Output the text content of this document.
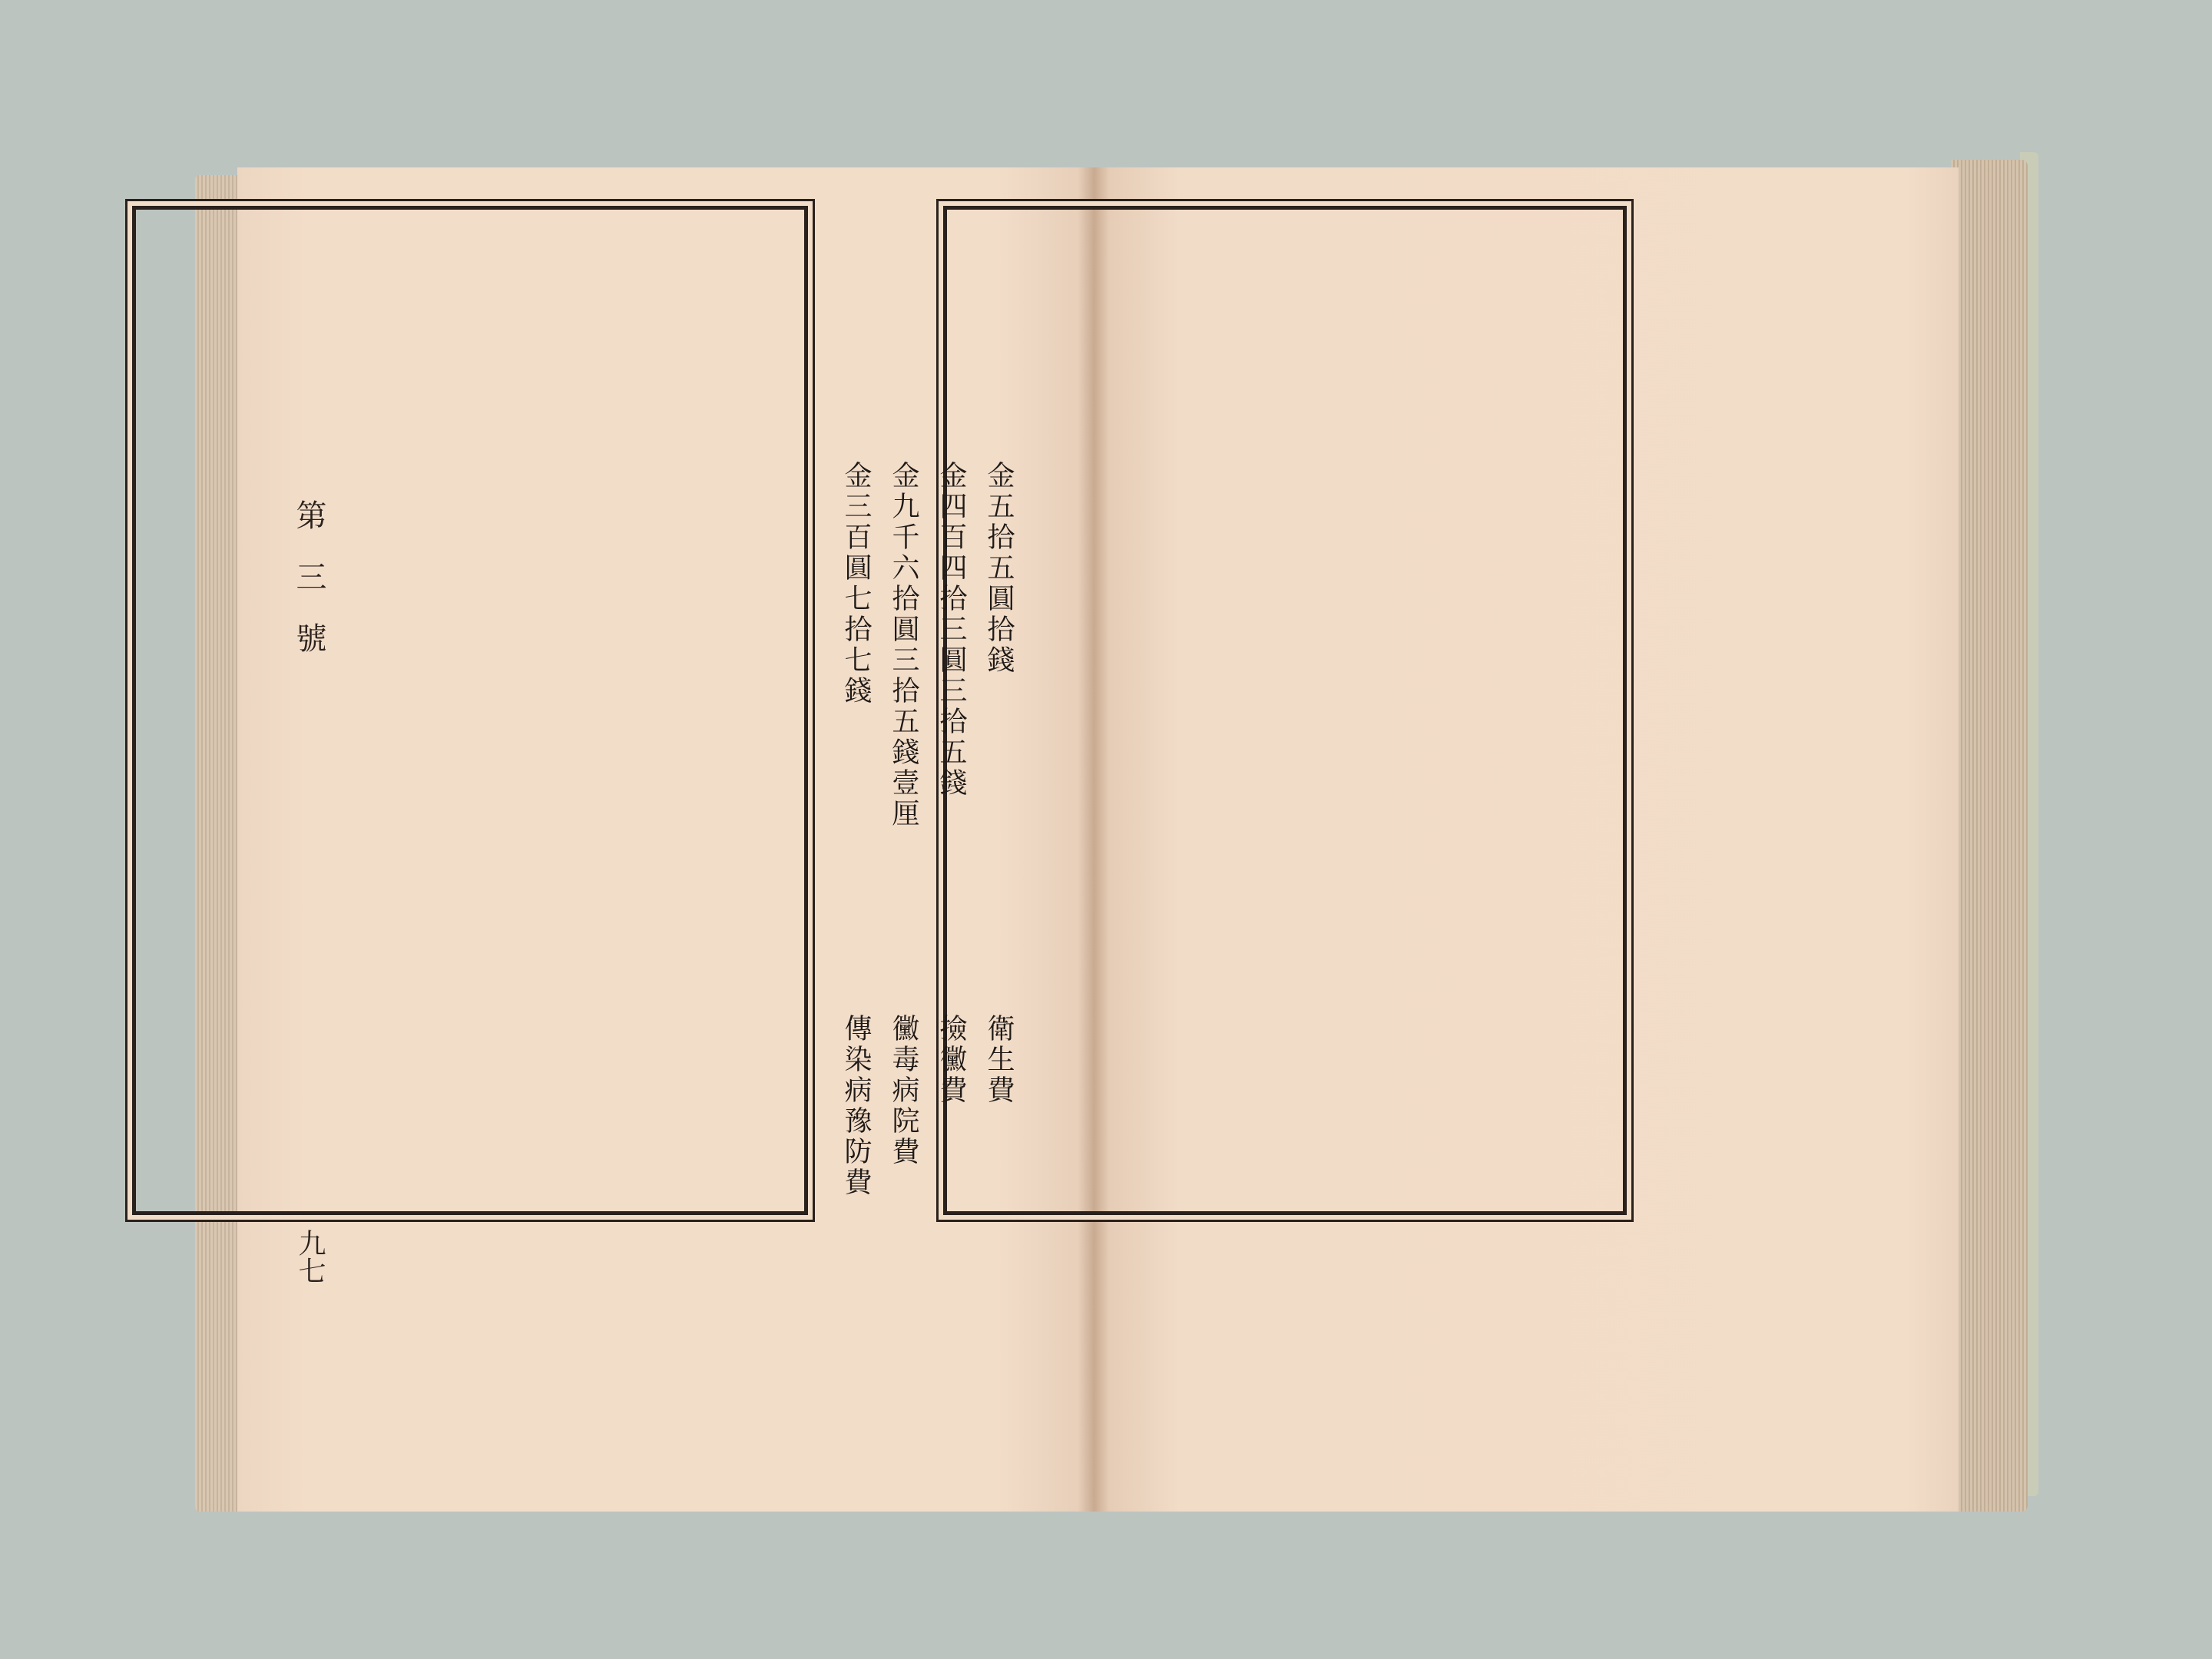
金五拾五圓拾錢
衛生費
金四百四拾三圓三拾五錢
撿黴費
金九千六拾圓三拾五錢壹厘
黴毒病院費
金三百圓七拾七錢
傳染病豫防費
第三號
九七
